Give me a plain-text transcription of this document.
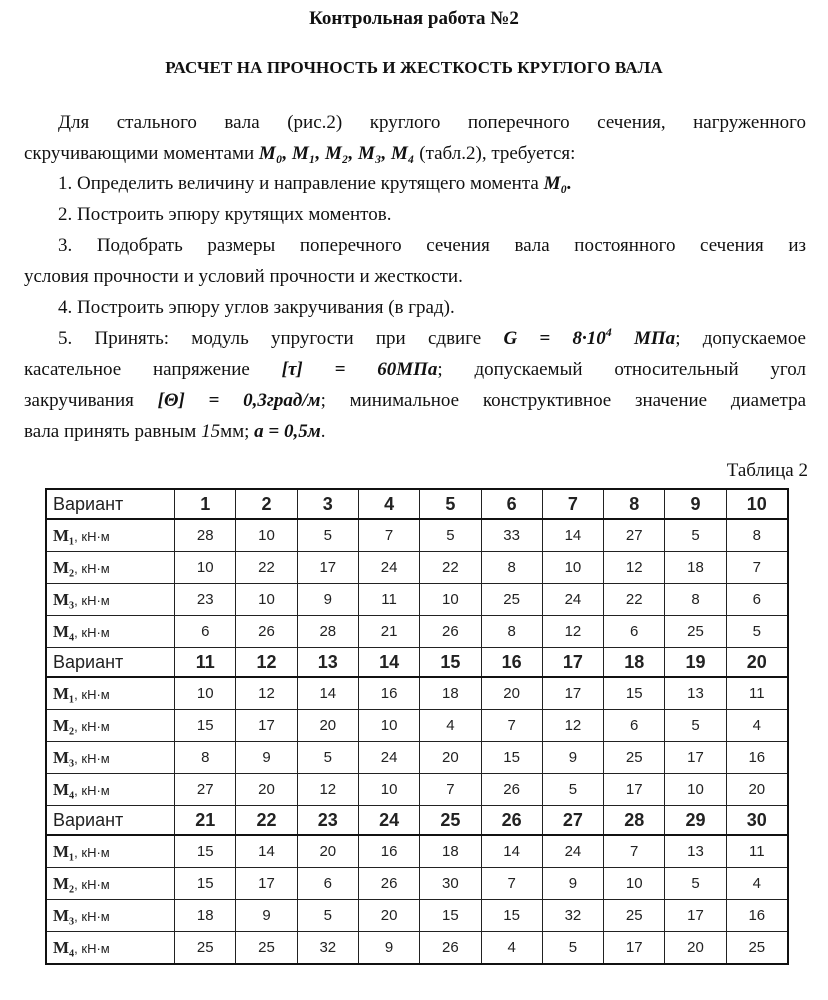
Контрольная работа №2
РАСЧЕТ НА ПРОЧНОСТЬ И ЖЕСТКОСТЬ КРУГЛОГО ВАЛА
Для стального вала (рис.2) круглого поперечного сечения, нагруженного
скручивающими моментами М₀, М₁, М₂, М₃, М₄ (табл.2), требуется:
1. Определить величину и направление крутящего момента М₀.
2. Построить эпюру крутящих моментов.
3. Подобрать размеры поперечного сечения вала постоянного сечения из
условия прочности и условий прочности и жесткости.
4. Построить эпюру углов закручивания (в град).
5. Принять: модуль упругости при сдвиге $G = 8\cdot 10^4$ МПа; допускаемое
касательное напряжение [τ] = 60МПа; допускаемый относительный угол
закручивания [Θ] = 0,3град/м; минимальное конструктивное значение диаметра
вала принять равным 15мм; a = 0,5м.
Таблица 2
Вариант	1	2	3	4	5	6	7	8	9	10
M₁, кН·м	28	10	5	7	5	33	14	27	5	8
M₂, кН·м	10	22	17	24	22	8	10	12	18	7
M₃, кН·м	23	10	9	11	10	25	24	22	8	6
M₄, кН·м	6	26	28	21	26	8	12	6	25	5
Вариант	11	12	13	14	15	16	17	18	19	20
M₁, кН·м	10	12	14	16	18	20	17	15	13	11
M₂, кН·м	15	17	20	10	4	7	12	6	5	4
M₃, кН·м	8	9	5	24	20	15	9	25	17	16
M₄, кН·м	27	20	12	10	7	26	5	17	10	20
Вариант	21	22	23	24	25	26	27	28	29	30
M₁, кН·м	15	14	20	16	18	14	24	7	13	11
M₂, кН·м	15	17	6	26	30	7	9	10	5	4
M₃, кН·м	18	9	5	20	15	15	32	25	17	16
M₄, кН·м	25	25	32	9	26	4	5	17	20	25
